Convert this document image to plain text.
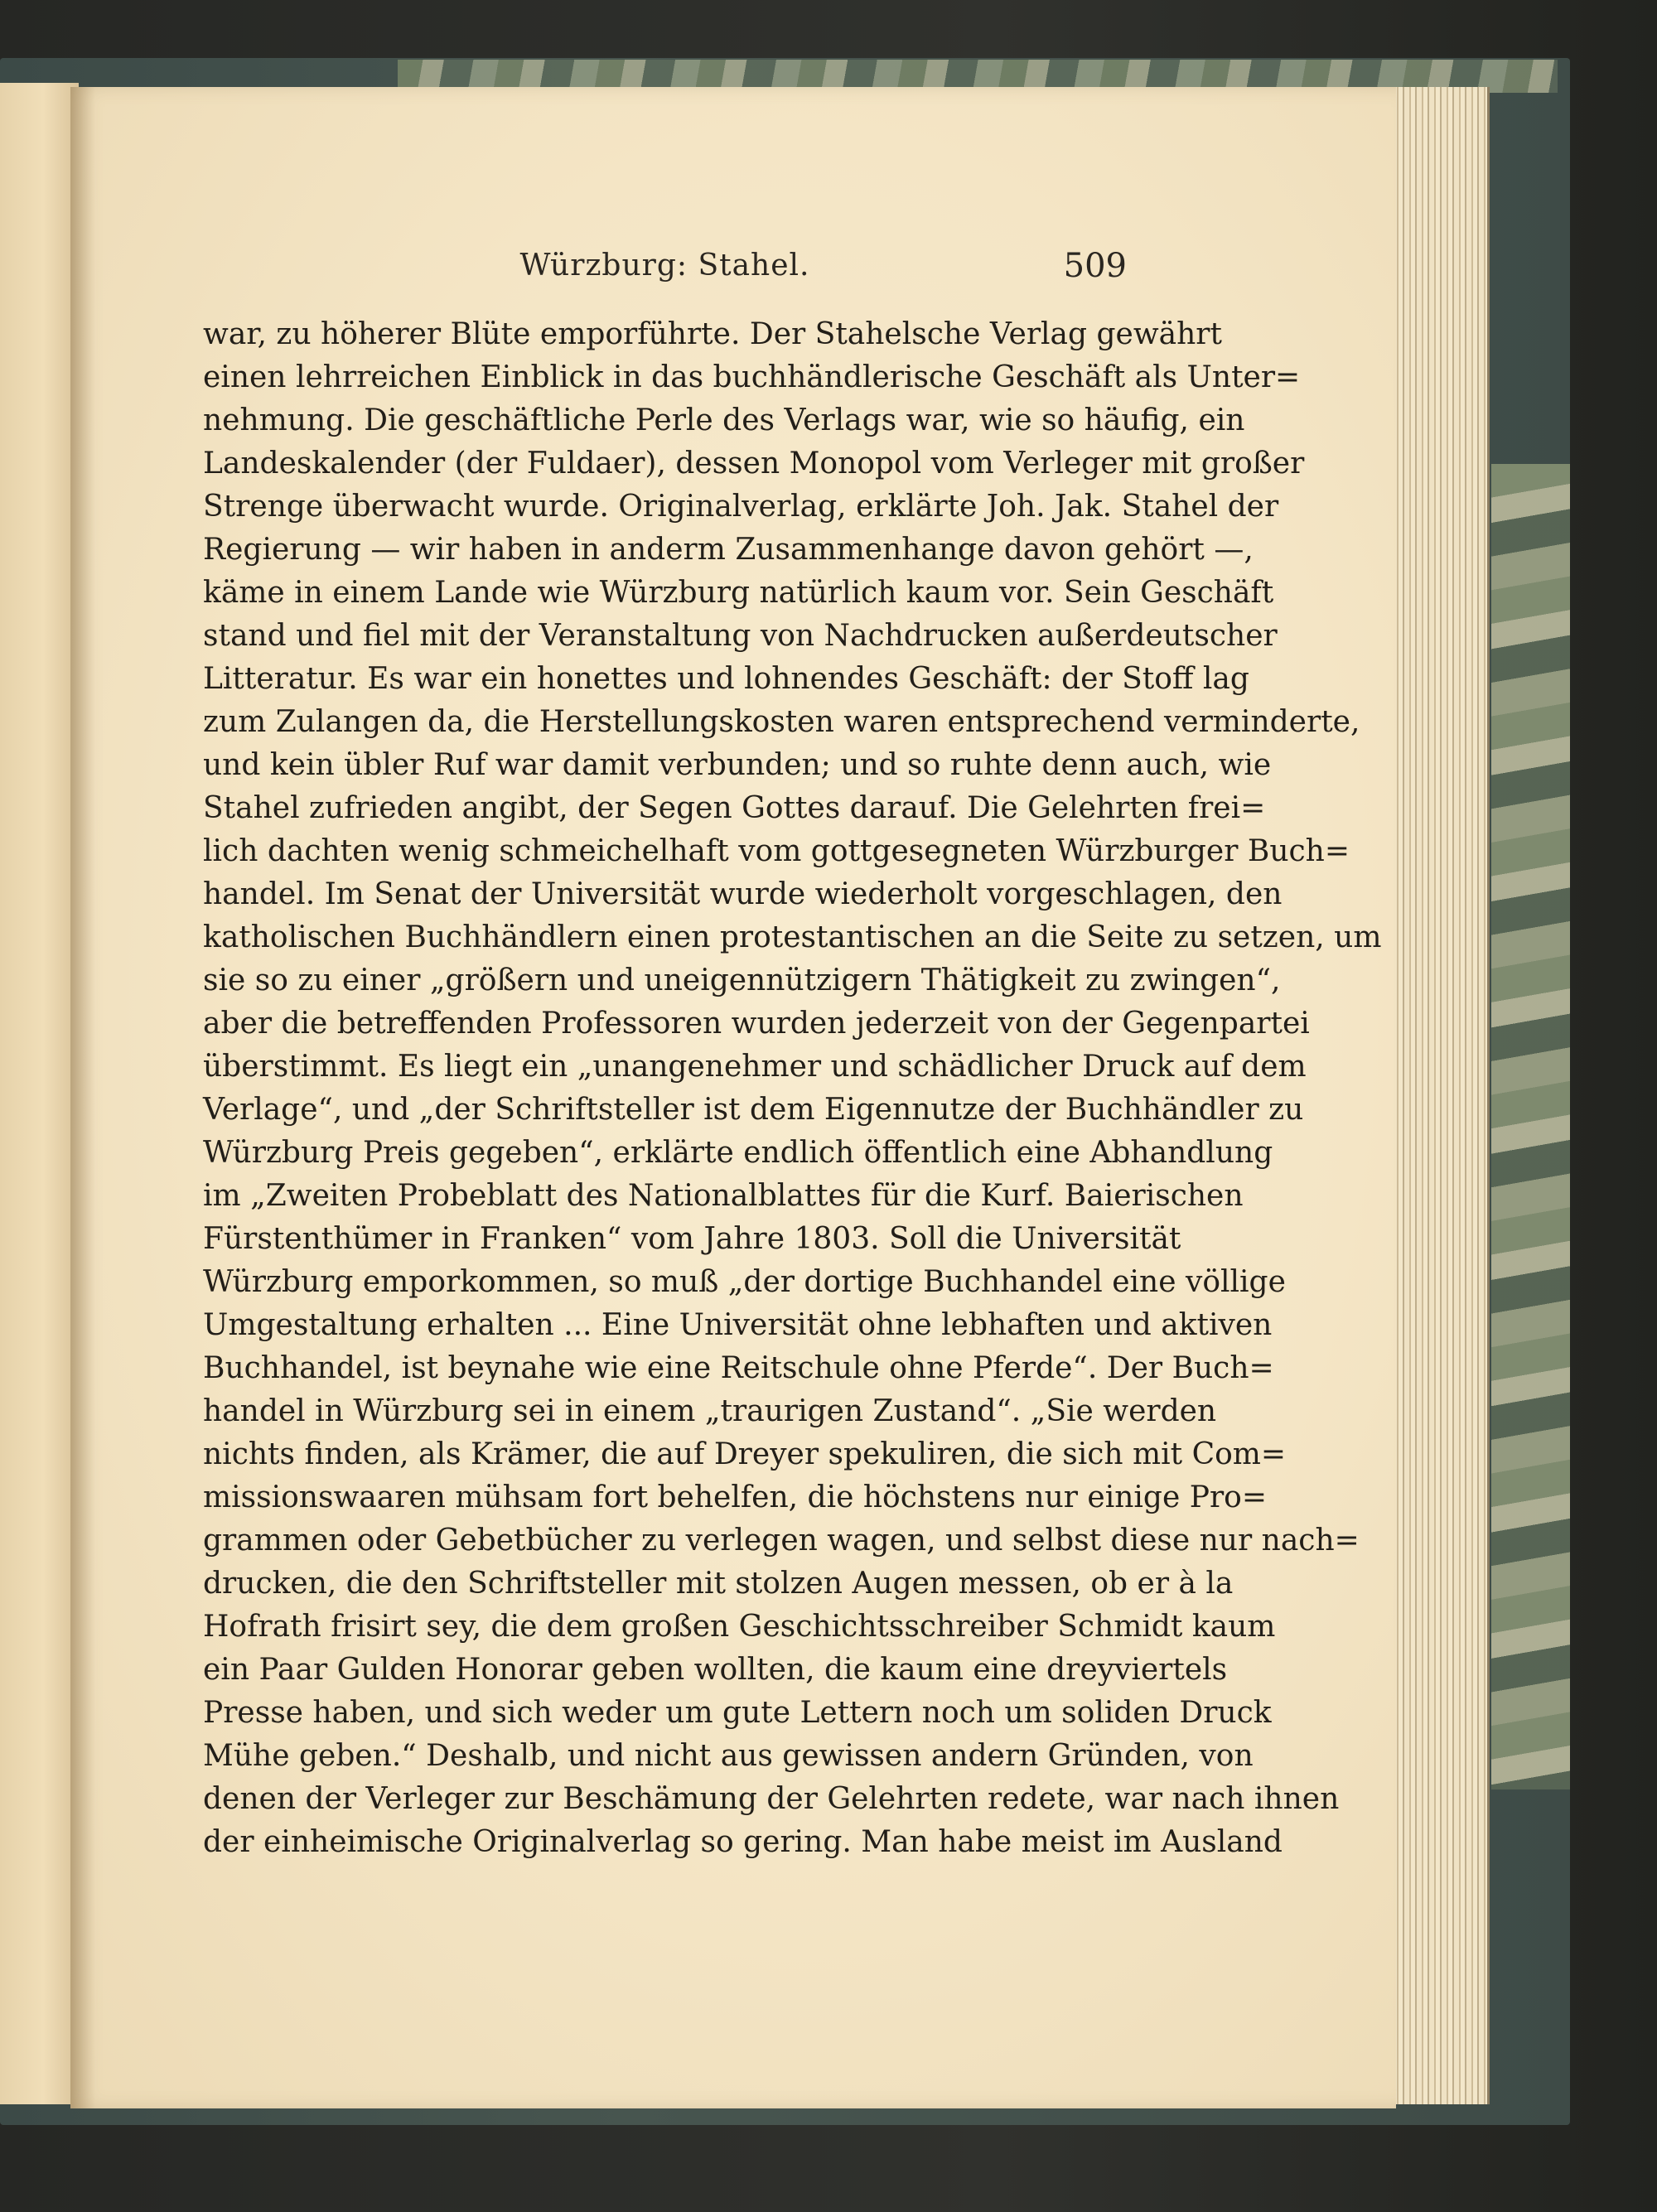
Würzburg: Stahel.	509
war, zu höherer Blüte emporführte. Der Stahelsche Verlag gewährt
einen lehrreichen Einblick in das buchhändlerische Geschäft als Unter=
nehmung. Die geschäftliche Perle des Verlags war, wie so häufig, ein
Landeskalender (der Fuldaer), dessen Monopol vom Verleger mit großer
Strenge überwacht wurde. Originalverlag, erklärte Joh. Jak. Stahel der
Regierung — wir haben in anderm Zusammenhange davon gehört —,
käme in einem Lande wie Würzburg natürlich kaum vor. Sein Geschäft
stand und fiel mit der Veranstaltung von Nachdrucken außerdeutscher
Litteratur. Es war ein honettes und lohnendes Geschäft: der Stoff lag
zum Zulangen da, die Herstellungskosten waren entsprechend verminderte,
und kein übler Ruf war damit verbunden; und so ruhte denn auch, wie
Stahel zufrieden angibt, der Segen Gottes darauf. Die Gelehrten frei=
lich dachten wenig schmeichelhaft vom gottgesegneten Würzburger Buch=
handel. Im Senat der Universität wurde wiederholt vorgeschlagen, den
katholischen Buchhändlern einen protestantischen an die Seite zu setzen, um
sie so zu einer „größern und uneigennützigern Thätigkeit zu zwingen“,
aber die betreffenden Professoren wurden jederzeit von der Gegenpartei
überstimmt. Es liegt ein „unangenehmer und schädlicher Druck auf dem
Verlage“, und „der Schriftsteller ist dem Eigennutze der Buchhändler zu
Würzburg Preis gegeben“, erklärte endlich öffentlich eine Abhandlung
im „Zweiten Probeblatt des Nationalblattes für die Kurf. Baierischen
Fürstenthümer in Franken“ vom Jahre 1803. Soll die Universität
Würzburg emporkommen, so muß „der dortige Buchhandel eine völlige
Umgestaltung erhalten ... Eine Universität ohne lebhaften und aktiven
Buchhandel, ist beynahe wie eine Reitschule ohne Pferde“. Der Buch=
handel in Würzburg sei in einem „traurigen Zustand“. „Sie werden
nichts finden, als Krämer, die auf Dreyer spekuliren, die sich mit Com=
missionswaaren mühsam fort behelfen, die höchstens nur einige Pro=
grammen oder Gebetbücher zu verlegen wagen, und selbst diese nur nach=
drucken, die den Schriftsteller mit stolzen Augen messen, ob er à la
Hofrath frisirt sey, die dem großen Geschichtsschreiber Schmidt kaum
ein Paar Gulden Honorar geben wollten, die kaum eine dreyviertels
Presse haben, und sich weder um gute Lettern noch um soliden Druck
Mühe geben.“ Deshalb, und nicht aus gewissen andern Gründen, von
denen der Verleger zur Beschämung der Gelehrten redete, war nach ihnen
der einheimische Originalverlag so gering. Man habe meist im Ausland
